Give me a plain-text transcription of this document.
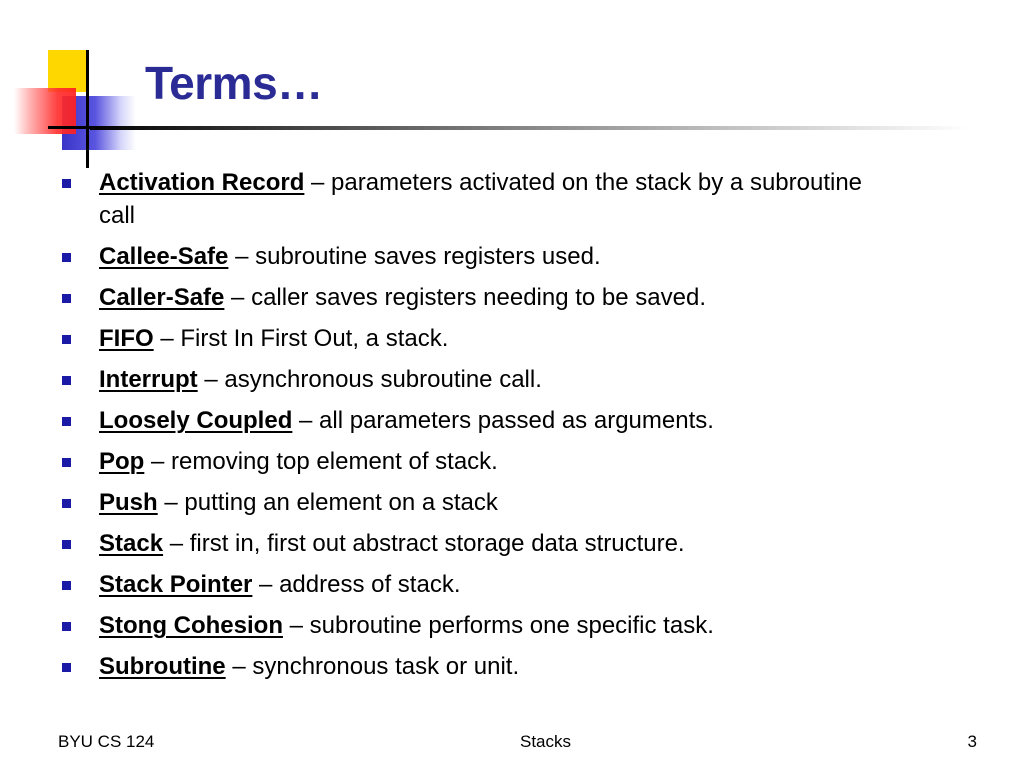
Terms…
Activation Record – parameters activated on the stack by a subroutine call
Callee-Safe – subroutine saves registers used.
Caller-Safe – caller saves registers needing to be saved.
FIFO – First In First Out, a stack.
Interrupt – asynchronous subroutine call.
Loosely Coupled – all parameters passed as arguments.
Pop – removing top element of stack.
Push – putting an element on a stack
Stack – first in, first out abstract storage data structure.
Stack Pointer – address of stack.
Stong Cohesion – subroutine performs one specific task.
Subroutine – synchronous task or unit.
BYU CS 124	Stacks	3
